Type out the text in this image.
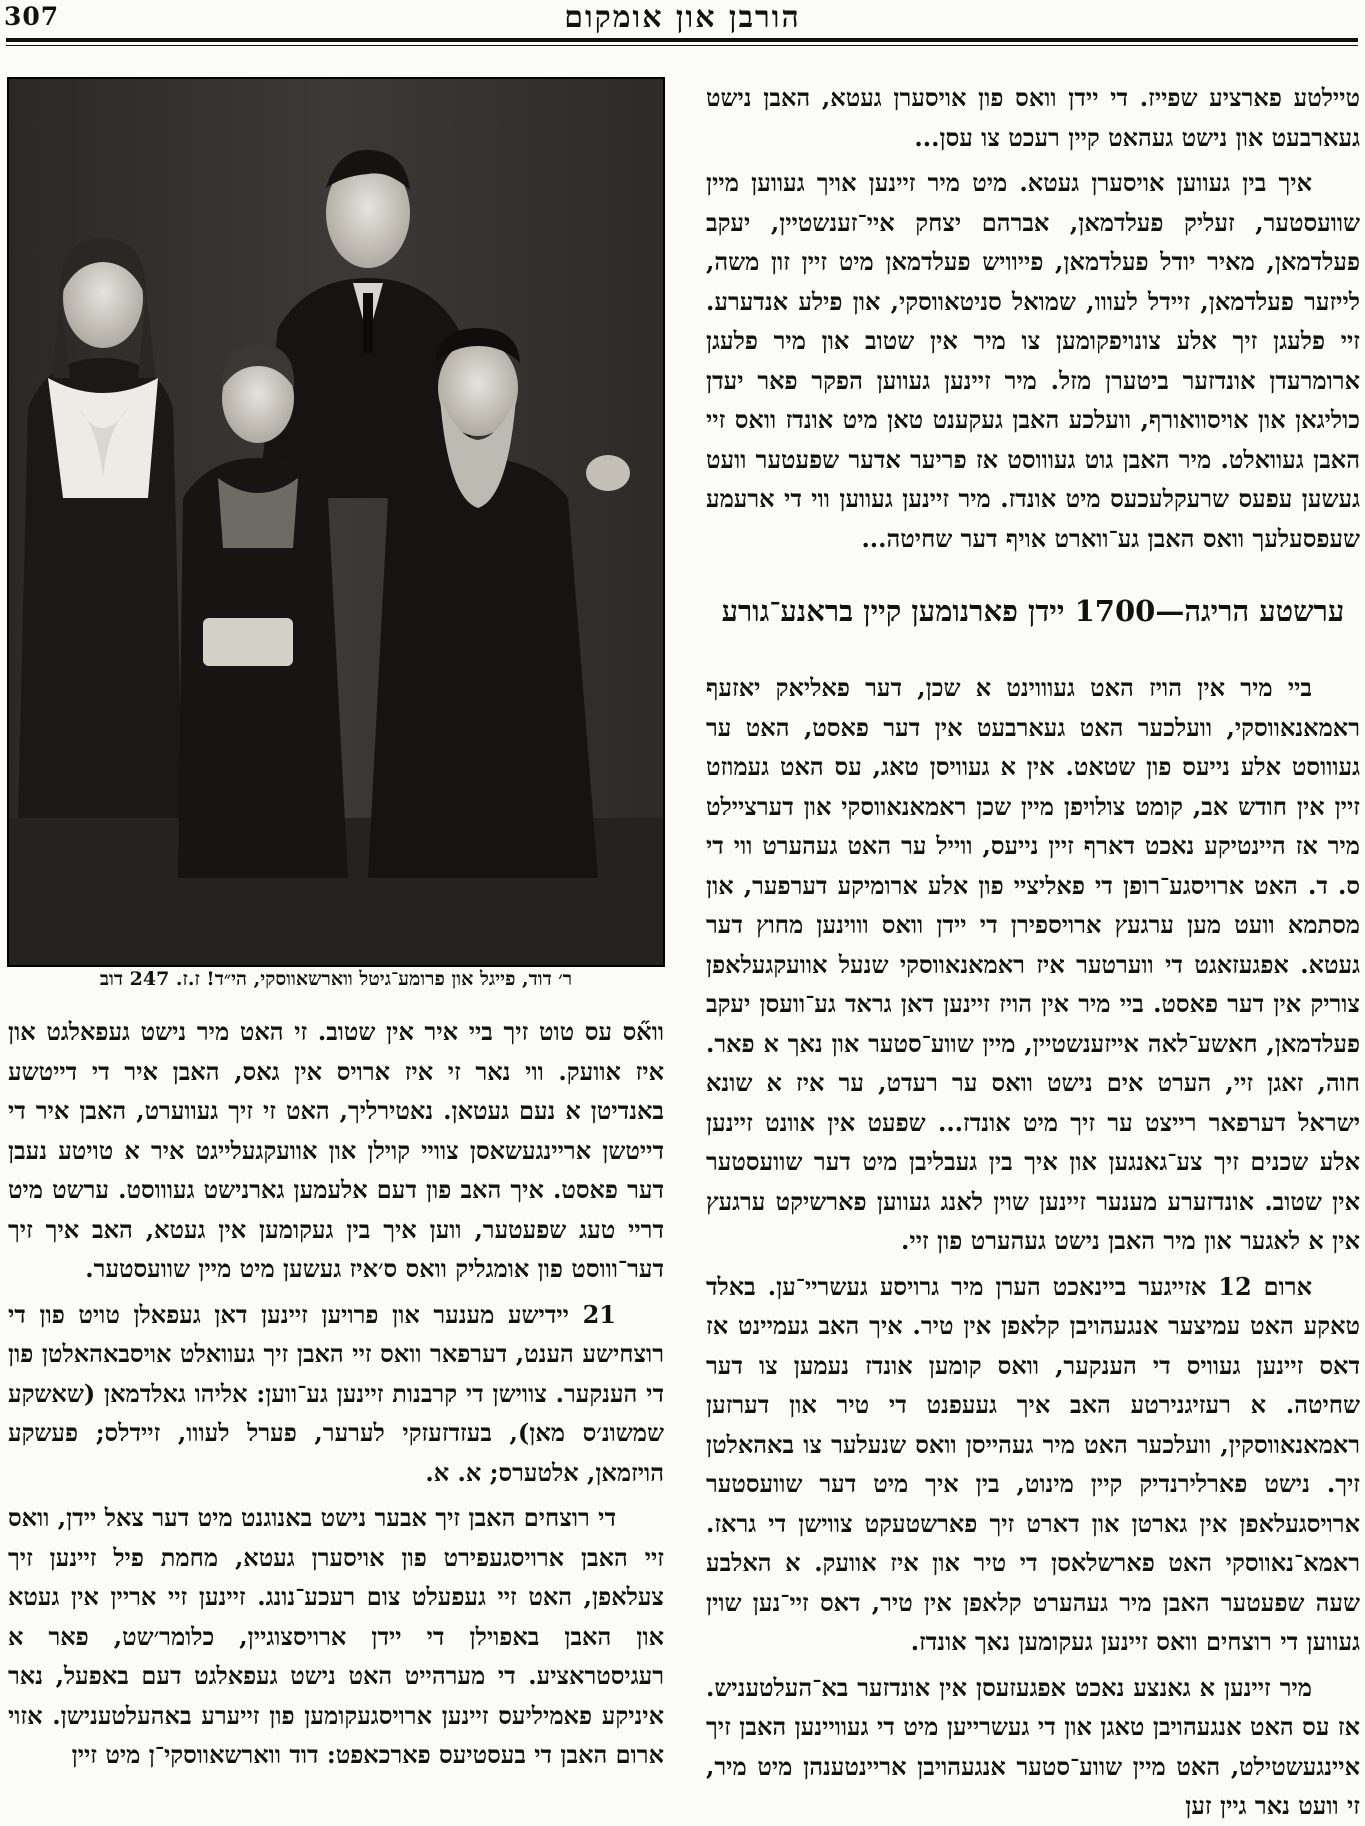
307	הורבן און אומקום

טיילטע פארציע שפייז. די יידן וואס פון אויסערן געטא, האבן נישט געארבעט און נישט געהאט קיין רעכט צו עסן...

איך בין געווען אויסערן געטא. מיט מיר זיינען אויך געווען מיין שוועסטער, זעליק פעלדמאן, אברהם יצחק איי־זענשטיין, יעקב פעלדמאן, מאיר יודל פעלדמאן, פייוויש פעלדמאן מיט זיין זון משה, לייזער פעלדמאן, זיידל לעווו, שמואל סניטאווסקי, און פילע אנדערע. זיי פלעגן זיך אלע צונויפקומען צו מיר אין שטוב און מיר פלעגן ארומרעדן אונדזער ביטערן מזל. מיר זיינען געווען הפקר פאר יעדן כוליגאן און אויסוואורף, וועלכע האבן געקענט טאן מיט אונדז וואס זיי האבן געוואלט. מיר האבן גוט געוווסט אז פריער אדער שפעטער וועט געשען עפעס שרעקלעכעס מיט אונדז. מיר זיינען געווען ווי די ארעמע שעפסעלעך וואס האבן גע־ווארט אויף דער שחיטה...

ערשטע הריגה—1700 יידן פארנומען קיין בראנע־גורע

ביי מיר אין הויז האט געוווינט א שכן, דער פאליאק יאזעף ראמאנאווסקי, וועלכער האט געארבעט אין דער פאסט, האט ער געוווסט אלע נייעס פון שטאט. אין א געוויסן טאג, עס האט געמוזט זיין אין חודש אב, קומט צולויפן מיין שכן ראמאנאווסקי און דערציילט מיר אז היינטיקע נאכט דארף זיין נייעס, ווייל ער האט געהערט ווי די ס. ד. האט ארויסגע־רופן די פאליציי פון אלע ארומיקע דערפער, און מסתמא וועט מען ערגעץ ארויספירן די יידן וואס וווינען מחוץ דער געטא. אפגעזאגט די ווערטער איז ראמאנאווסקי שנעל אוועקגעלאפן צוריק אין דער פאסט. ביי מיר אין הויז זיינען דאן גראד גע־וועסן יעקב פעלדמאן, חאשע־לאה אייזענשטיין, מיין שווע־סטער און נאך א פאר. חוה, זאגן זיי, הערט אים נישט וואס ער רעדט, ער איז א שונא ישראל דערפאר רייצט ער זיך מיט אונדז... שפעט אין אוונט זיינען אלע שכנים זיך צע־גאנגען און איך בין געבליבן מיט דער שוועסטער אין שטוב. אונדזערע מענער זיינען שוין לאנג געווען פארשיקט ערגעץ אין א לאגער און מיר האבן נישט געהערט פון זיי.

ארום 12 אזייגער ביינאכט הערן מיר גרויסע געשריי־ען. באלד טאקע האט עמיצער אנגעהויבן קלאפן אין טיר. איך האב געמיינט אז דאס זיינען געוויס די הענקער, וואס קומען אונדז נעמען צו דער שחיטה. א רעזיגנירטע האב איך געעפנט די טיר און דערזען ראמאנאווסקין, וועלכער האט מיר געהייסן וואס שנעלער צו באהאלטן זיך. נישט פארלירנדיק קיין מינוט, בין איך מיט דער שוועסטער ארויסגעלאפן אין גארטן און דארט זיך פארשטעקט צווישן די גראז. ראמא־נאווסקי האט פארשלאסן די טיר און איז אוועק. א האלבע שעה שפעטער האבן מיר געהערט קלאפן אין טיר, דאס זיי־נען שוין געווען די רוצחים וואס זיינען געקומען נאך אונדז.

מיר זיינען א גאנצע נאכט אפגעזעסן אין אונדזער בא־העלטעניש. אז עס האט אנגעהויבן טאגן און די געשרייען מיט די געוויינען האבן זיך איינגעשטילט, האט מיין שווע־סטער אנגעהויבן אריינטענהן מיט מיר, זי וועט נאר גיין זען

ר׳ דוד, פייגל און פרומע־גיטל ווארשאווסקי, הי״ד! ז.ז. 247 דוב

ווא֞ס עס טוט זיך ביי איר אין שטוב. זי האט מיר נישט געפאלגט און איז אוועק. ווי נאר זי איז ארויס אין גאס, האבן איר די דייטשע באנדיטן א נעם געטאן. נאטירליך, האט זי זיך געווערט, האבן איר די דייטשן אריינגעשאסן צוויי קוילן און אוועקגעלייגט איר א טויטע נעבן דער פאסט. איך האב פון דעם אלעמען גארנישט געוווסט. ערשט מיט דריי טעג שפעטער, ווען איך בין געקומען אין געטא, האב איך זיך דער־וווסט פון אומגליק וואס ס׳איז געשען מיט מיין שוועסטער.

21 יידישע מענער און פרויען זיינען דאן געפאלן טויט פון די רוצחישע הענט, דערפאר וואס זיי האבן זיך געוואלט אויסבאהאלטן פון די הענקער. צווישן די קרבנות זיינען גע־ווען: אליהו גאלדמאן (שאשקע שמשונ׳ס מאן), בעזדזעזקי לערער, פערל לעווו, זיידלס; פעשקע הויזמאן, אלטערס; א. א.

די רוצחים האבן זיך אבער נישט באנוגנט מיט דער צאל יידן, וואס זיי האבן ארויסגעפירט פון אויסערן געטא, מחמת פיל זיינען זיך צעלאפן, האט זיי געפעלט צום רעכע־נונג. זיינען זיי אריין אין געטא און האבן באפוילן די יידן ארויסצוגיין, כלומר׳שט, פאר א רעגיסטראציע. די מערהייט האט נישט געפאלגט דעם באפעל, נאר איניקע פאמיליעס זיינען ארויסגעקומען פון זייערע באהעלטענישן. אזוי ארום האבן די בעסטיעס פארכאפט: דוד ווארשאווסקי־ן מיט זיין
